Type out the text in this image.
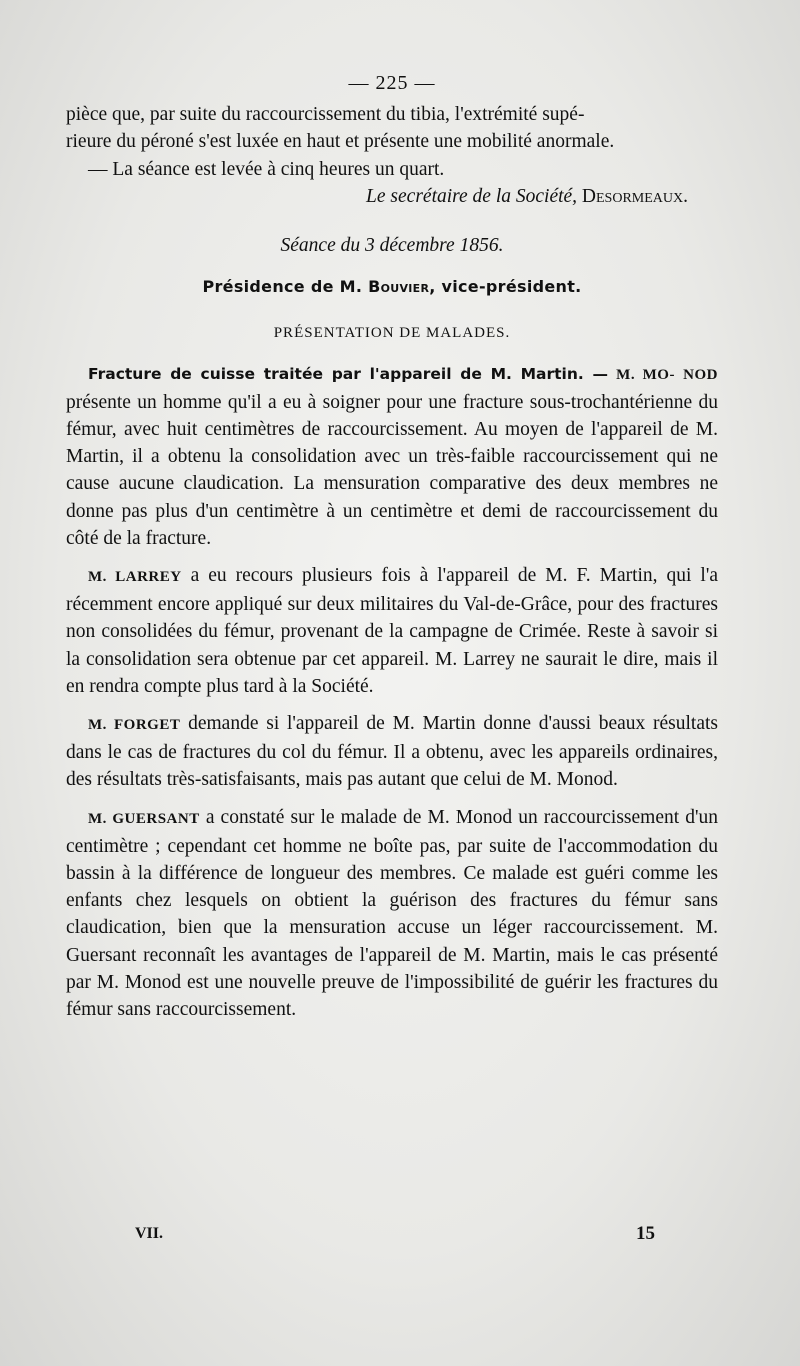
— 225 —

pièce que, par suite du raccourcissement du tibia, l'extrémité supé-

rieure du péroné s'est luxée en haut et présente une mobilité anormale.

— La séance est levée à cinq heures un quart.

Le secrétaire de la Société, Desormeaux.

Séance du 3 décembre 1856.

Présidence de M. Bouvier, vice-président.

PRÉSENTATION DE MALADES.

Fracture de cuisse traitée par l'appareil de M. Martin. — M. MO- NOD présente un homme qu'il a eu à soigner pour une fracture sous-trochantérienne du fémur, avec huit centimètres de raccourcissement. Au moyen de l'appareil de M. Martin, il a obtenu la consolidation avec un très-faible raccourcissement qui ne cause aucune claudication. La mensuration comparative des deux membres ne donne pas plus d'un centimètre à un centimètre et demi de raccourcissement du côté de la fracture.

M. LARREY a eu recours plusieurs fois à l'appareil de M. F. Martin, qui l'a récemment encore appliqué sur deux militaires du Val-de-Grâce, pour des fractures non consolidées du fémur, provenant de la campagne de Crimée. Reste à savoir si la consolidation sera obtenue par cet appareil. M. Larrey ne saurait le dire, mais il en rendra compte plus tard à la Société.

M. FORGET demande si l'appareil de M. Martin donne d'aussi beaux résultats dans le cas de fractures du col du fémur. Il a obtenu, avec les appareils ordinaires, des résultats très-satisfaisants, mais pas autant que celui de M. Monod.

M. GUERSANT a constaté sur le malade de M. Monod un raccourcissement d'un centimètre ; cependant cet homme ne boîte pas, par suite de l'accommodation du bassin à la différence de longueur des membres. Ce malade est guéri comme les enfants chez lesquels on obtient la guérison des fractures du fémur sans claudication, bien que la mensuration accuse un léger raccourcissement. M. Guersant reconnaît les avantages de l'appareil de M. Martin, mais le cas présenté par M. Monod est une nouvelle preuve de l'impossibilité de guérir les fractures du fémur sans raccourcissement.

VII.	15
